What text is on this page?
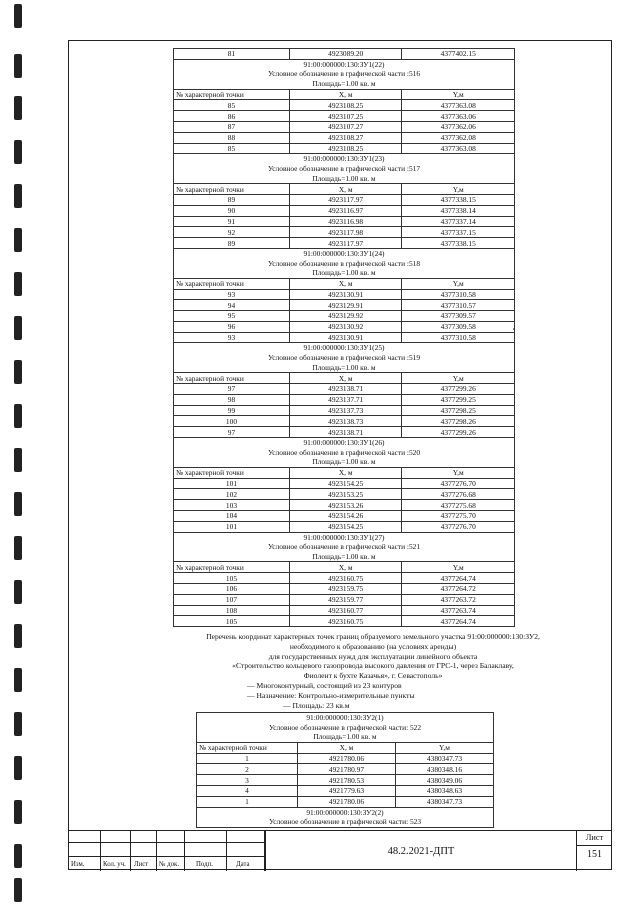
81	4923089.20	4377402.15
91:00:000000:130:ЗУ1(22)
Условное обозначение в графической части :516
Площадь=1.00 кв. м
№ характерной точки	X, м	Y,м
85	4923108.25	4377363.08
86	4923107.25	4377363.06
87	4923107.27	4377362.06
88	4923108.27	4377362.08
85	4923108.25	4377363.08
91:00:000000:130:ЗУ1(23)
Условное обозначение в графической части :517
Площадь=1.00 кв. м
№ характерной точки	X, м	Y,м
89	4923117.97	4377338.15
90	4923116.97	4377338.14
91	4923116.98	4377337.14
92	4923117.98	4377337.15
89	4923117.97	4377338.15
91:00:000000:130:ЗУ1(24)
Условное обозначение в графической части :518
Площадь=1.00 кв. м
№ характерной точки	X, м	Y,м
93	4923130.91	4377310.58
94	4923129.91	4377310.57
95	4923129.92	4377309.57
96	4923130.92	4377309.58
93	4923130.91	4377310.58
91:00:000000:130:ЗУ1(25)
Условное обозначение в графической части :519
Площадь=1.00 кв. м
№ характерной точки	X, м	Y,м
97	4923138.71	4377299.26
98	4923137.71	4377299.25
99	4923137.73	4377298.25
100	4923138.73	4377298.26
97	4923138.71	4377299.26
91:00:000000:130:ЗУ1(26)
Условное обозначение в графической части :520
Площадь=1.00 кв. м
№ характерной точки	X, м	Y,м
101	4923154.25	4377276.70
102	4923153.25	4377276.68
103	4923153.26	4377275.68
104	4923154.26	4377275.70
101	4923154.25	4377276.70
91:00:000000:130:ЗУ1(27)
Условное обозначение в графической части :521
Площадь=1.00 кв. м
№ характерной точки	X, м	Y,м
105	4923160.75	4377264.74
106	4923159.75	4377264.72
107	4923159.77	4377263.72
108	4923160.77	4377263.74
105	4923160.75	4377264.74
Перечень координат характерных точек границ образуемого земельного участка 91:00:000000:130:ЗУ2,
необходимого к образованию (на условиях аренды)
для государственных нужд для эксплуатации линейного объекта
«Строительство кольцевого газопровода высокого давления от ГРС-1, через Балаклаву,
Фиолент к бухте Казачья», г. Севастополь»
— Многоконтурный, состоящий из 23 контуров
— Назначение: Контрольно-измерительные пункты
— Площадь: 23 кв.м
91:00:000000:130:ЗУ2(1)
Условное обозначение в графической части: 522
Площадь=1.00 кв. м
№ характерной точки	X, м	Y,м
1	4921780.06	4380347.73
2	4921780.97	4380348.16
3	4921780.53	4380349.06
4	4921779.63	4380348.63
1	4921780.06	4380347.73
91:00:000000:130:ЗУ2(2)
Условное обозначение в графической части: 523
Изм.	Кол. уч. Лист № док. Подп.	Дата
48.2.2021-ДПТ
Лист
151
